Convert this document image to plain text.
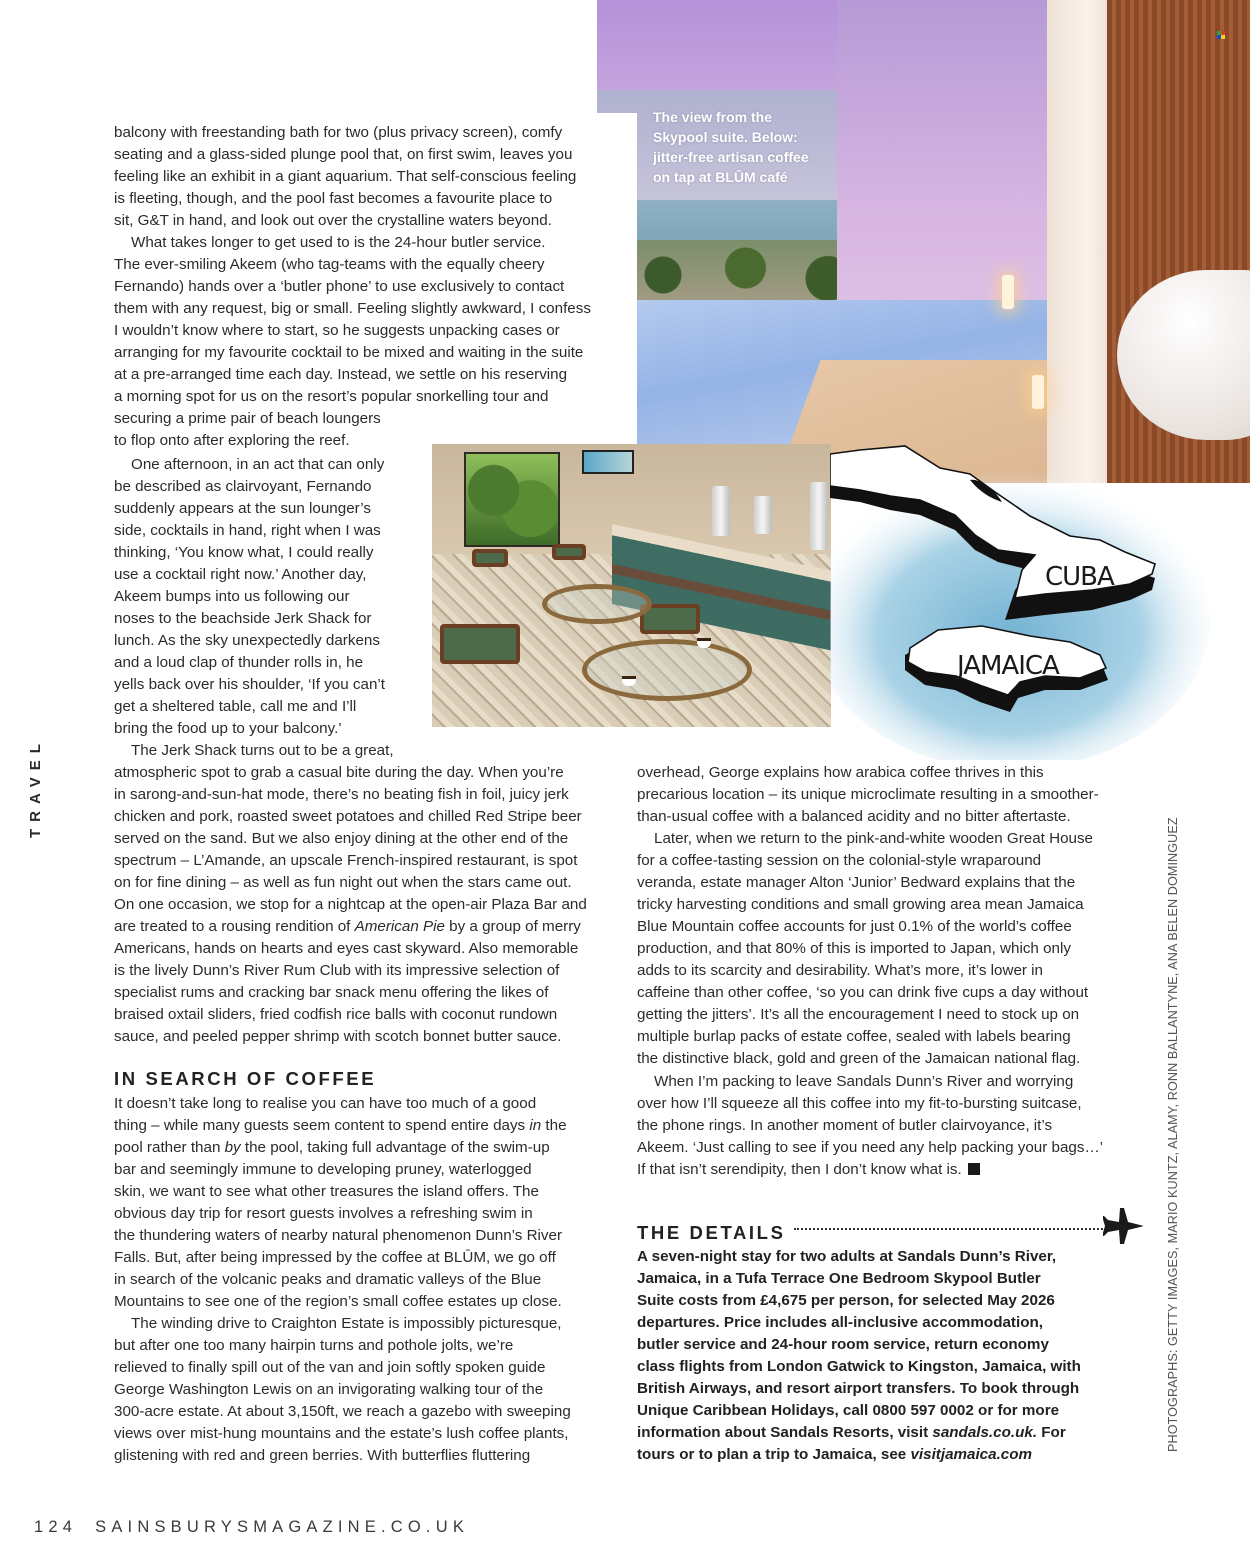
The view from the
Skypool suite. Below:
jitter-free artisan coffee
on tap at BLŪM café
CUBA
JAMAICA
TRAVEL
balcony with freestanding bath for two (plus privacy screen), comfy
seating and a glass-sided plunge pool that, on first swim, leaves you
feeling like an exhibit in a giant aquarium. That self-conscious feeling
is fleeting, though, and the pool fast becomes a favourite place to
sit, G&T in hand, and look out over the crystalline waters beyond.
What takes longer to get used to is the 24-hour butler service.
The ever-smiling Akeem (who tag-teams with the equally cheery
Fernando) hands over a ‘butler phone’ to use exclusively to contact
them with any request, big or small. Feeling slightly awkward, I confess
I wouldn’t know where to start, so he suggests unpacking cases or
arranging for my favourite cocktail to be mixed and waiting in the suite
at a pre-arranged time each day. Instead, we settle on his reserving
a morning spot for us on the resort’s popular snorkelling tour and
securing a prime pair of beach loungers
to flop onto after exploring the reef.
One afternoon, in an act that can only
be described as clairvoyant, Fernando
suddenly appears at the sun lounger’s
side, cocktails in hand, right when I was
thinking, ‘You know what, I could really
use a cocktail right now.’ Another day,
Akeem bumps into us following our
noses to the beachside Jerk Shack for
lunch. As the sky unexpectedly darkens
and a loud clap of thunder rolls in, he
yells back over his shoulder, ‘If you can’t
get a sheltered table, call me and I’ll
bring the food up to your balcony.’
The Jerk Shack turns out to be a great,
atmospheric spot to grab a casual bite during the day. When you’re
in sarong-and-sun-hat mode, there’s no beating fish in foil, juicy jerk
chicken and pork, roasted sweet potatoes and chilled Red Stripe beer
served on the sand. But we also enjoy dining at the other end of the
spectrum – L’Amande, an upscale French-inspired restaurant, is spot
on for fine dining – as well as fun night out when the stars came out.
On one occasion, we stop for a nightcap at the open-air Plaza Bar and
are treated to a rousing rendition of American Pie by a group of merry
Americans, hands on hearts and eyes cast skyward. Also memorable
is the lively Dunn’s River Rum Club with its impressive selection of
specialist rums and cracking bar snack menu offering the likes of
braised oxtail sliders, fried codfish rice balls with coconut rundown
sauce, and peeled pepper shrimp with scotch bonnet butter sauce.
IN SEARCH OF COFFEE
It doesn’t take long to realise you can have too much of a good
thing – while many guests seem content to spend entire days in the
pool rather than by the pool, taking full advantage of the swim-up
bar and seemingly immune to developing pruney, waterlogged
skin, we want to see what other treasures the island offers. The
obvious day trip for resort guests involves a refreshing swim in
the thundering waters of nearby natural phenomenon Dunn’s River
Falls. But, after being impressed by the coffee at BLŪM, we go off
in search of the volcanic peaks and dramatic valleys of the Blue
Mountains to see one of the region’s small coffee estates up close.
The winding drive to Craighton Estate is impossibly picturesque,
but after one too many hairpin turns and pothole jolts, we’re
relieved to finally spill out of the van and join softly spoken guide
George Washington Lewis on an invigorating walking tour of the
300-acre estate. At about 3,150ft, we reach a gazebo with sweeping
views over mist-hung mountains and the estate’s lush coffee plants,
glistening with red and green berries. With butterflies fluttering
overhead, George explains how arabica coffee thrives in this
precarious location – its unique microclimate resulting in a smoother-
than-usual coffee with a balanced acidity and no bitter aftertaste.
Later, when we return to the pink-and-white wooden Great House
for a coffee-tasting session on the colonial-style wraparound
veranda, estate manager Alton ‘Junior’ Bedward explains that the
tricky harvesting conditions and small growing area mean Jamaica
Blue Mountain coffee accounts for just 0.1% of the world’s coffee
production, and that 80% of this is imported to Japan, which only
adds to its scarcity and desirability. What’s more, it’s lower in
caffeine than other coffee, ‘so you can drink five cups a day without
getting the jitters’. It’s all the encouragement I need to stock up on
multiple burlap packs of estate coffee, sealed with labels bearing
the distinctive black, gold and green of the Jamaican national flag.
When I’m packing to leave Sandals Dunn’s River and worrying
over how I’ll squeeze all this coffee into my fit-to-bursting suitcase,
the phone rings. In another moment of butler clairvoyance, it’s
Akeem. ‘Just calling to see if you need any help packing your bags…’
If that isn’t serendipity, then I don’t know what is.
THE DETAILS
A seven-night stay for two adults at Sandals Dunn’s River,
Jamaica, in a Tufa Terrace One Bedroom Skypool Butler
Suite costs from £4,675 per person, for selected May 2026
departures. Price includes all-inclusive accommodation,
butler service and 24-hour room service, return economy
class flights from London Gatwick to Kingston, Jamaica, with
British Airways, and resort airport transfers. To book through
Unique Caribbean Holidays, call 0800 597 0002 or for more
information about Sandals Resorts, visit sandals.co.uk. For
tours or to plan a trip to Jamaica, see visitjamaica.com
PHOTOGRAPHS: GETTY IMAGES, MARIO KUNTZ, ALAMY, RONN BALLANTYNE, ANA BELEN DOMINGUEZ
124 SAINSBURYSMAGAZINE.CO.UK
